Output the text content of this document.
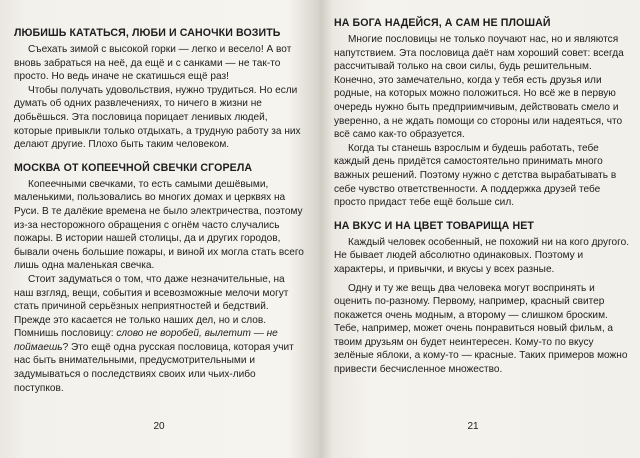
ЛЮБИШЬ КАТАТЬСЯ, ЛЮБИ И САНОЧКИ ВОЗИТЬ

Съехать зимой с высокой горки — легко и весело! А вот вновь забраться на неё, да ещё и с санками — не так-то просто. Но ведь иначе не скатишься ещё раз!

Чтобы получать удовольствия, нужно трудиться. Но если думать об одних развлечениях, то ничего в жизни не добьёшься. Эта пословица порицает ленивых людей, которые привыкли только отдыхать, а трудную работу за них делают другие. Плохо быть таким человеком.

МОСКВА ОТ КОПЕЕЧНОЙ СВЕЧКИ СГОРЕЛА

Копеечными свечками, то есть самыми дешёвыми, маленькими, пользовались во многих домах и церквях на Руси. В те далёкие времена не было электричества, поэтому из-за несторожного обращения с огнём часто случались пожары. В истории нашей столицы, да и других городов, бывали очень большие пожары, и виной их могла стать всего лишь одна маленькая свечка.

Стоит задуматься о том, что даже незначительные, на наш взгляд, вещи, события и всевозможные мелочи могут стать причиной серьёзных неприятностей и бедствий. Прежде это касается не только наших дел, но и слов. Помнишь пословицу: слово не воробей, вылетит — не поймаешь? Это ещё одна русская пословица, которая учит нас быть внимательными, предусмотрительными и задумываться о последствиях своих или чьих-либо поступков.

20
НА БОГА НАДЕЙСЯ, А САМ НЕ ПЛОШАЙ

Многие пословицы не только поучают нас, но и являются напутствием. Эта пословица даёт нам хороший совет: всегда рассчитывай только на свои силы, будь решительным. Конечно, это замечательно, когда у тебя есть друзья или родные, на которых можно положиться. Но всё же в первую очередь нужно быть предприимчивым, действовать смело и уверенно, а не ждать помощи со стороны или надеяться, что всё само как-то образуется.

Когда ты станешь взрослым и будешь работать, тебе каждый день придётся самостоятельно принимать много важных решений. Поэтому нужно с детства вырабатывать в себе чувство ответственности. А поддержка друзей тебе просто придаст тебе ещё больше сил.

НА ВКУС И НА ЦВЕТ ТОВАРИЩА НЕТ

Каждый человек особенный, не похожий ни на кого другого. Не бывает людей абсолютно одинаковых. Поэтому и характеры, и привычки, и вкусы у всех разные.

Одну и ту же вещь два человека могут воспринять и оценить по-разному. Первому, например, красный свитер покажется очень модным, а второму — слишком броским. Тебе, например, может очень понравиться новый фильм, а твоим друзьям он будет неинтересен. Кому-то по вкусу зелёные яблоки, а кому-то — красные. Таких примеров можно привести бесчисленное множество.

21
